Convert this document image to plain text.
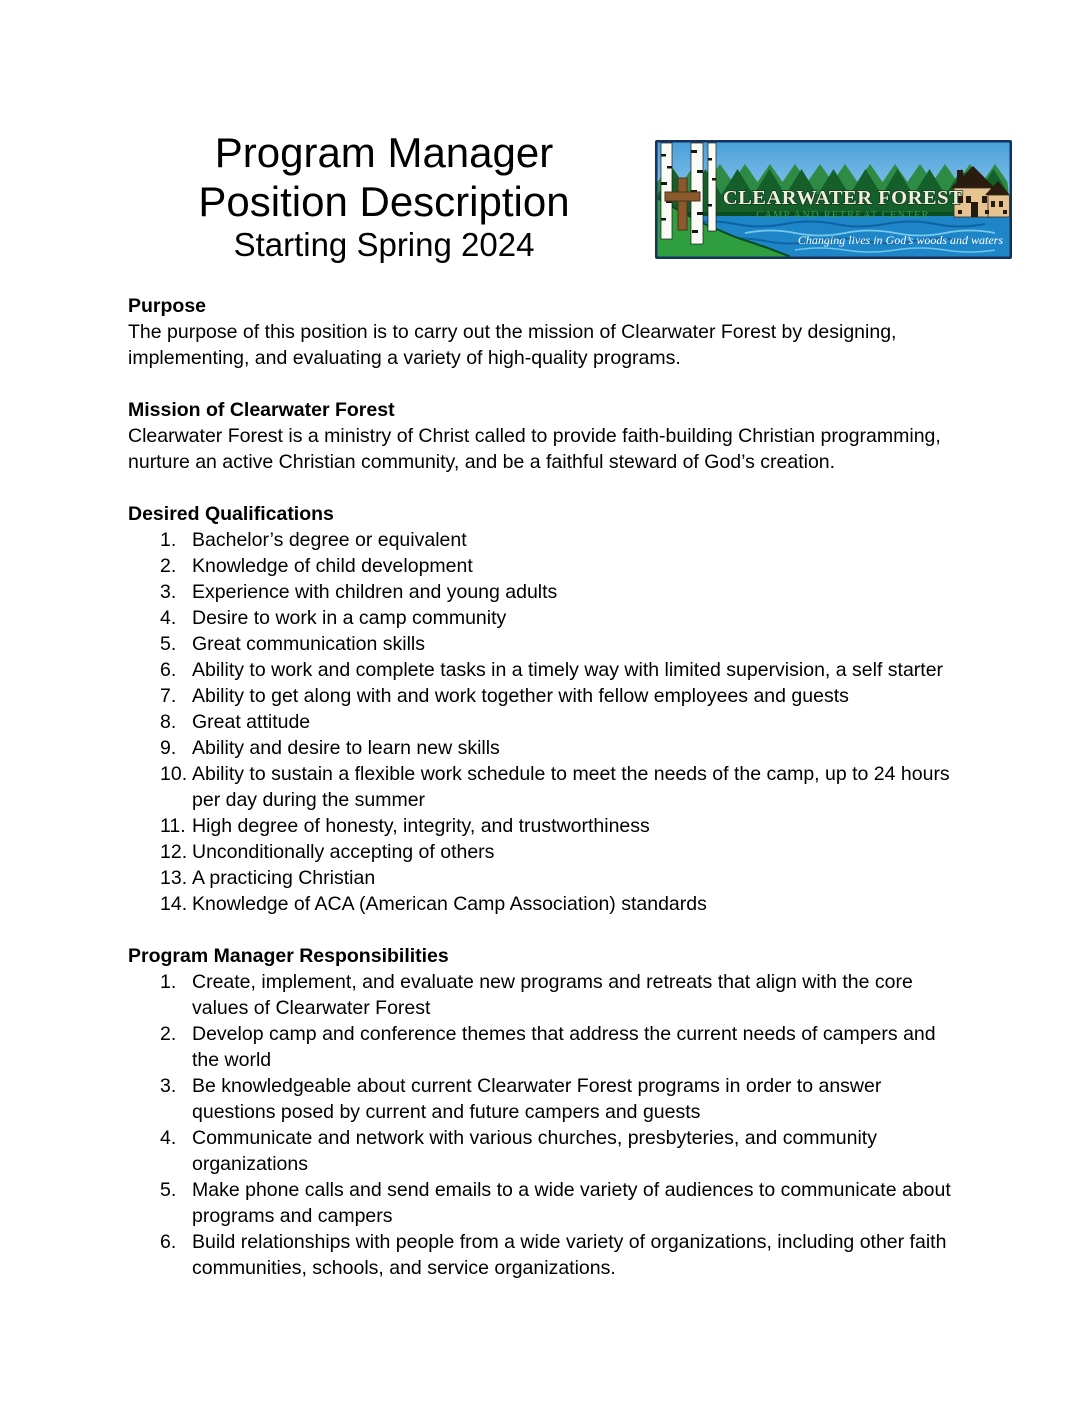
Program Manager
Position Description
Starting Spring 2024
CLEARWATER FOREST
CAMP AND RETREAT CENTER
Changing lives in God’s woods and waters
Purpose

The purpose of this position is to carry out the mission of Clearwater Forest by designing, implementing, and evaluating a variety of high-quality programs.

Mission of Clearwater Forest

Clearwater Forest is a ministry of Christ called to provide faith-building Christian programming, nurture an active Christian community, and be a faithful steward of God’s creation.

Desired Qualifications
Bachelor’s degree or equivalent
Knowledge of child development
Experience with children and young adults
Desire to work in a camp community
Great communication skills
Ability to work and complete tasks in a timely way with limited supervision, a self starter
Ability to get along with and work together with fellow employees and guests
Great attitude
Ability and desire to learn new skills
Ability to sustain a flexible work schedule to meet the needs of the camp, up to 24 hours per day during the summer
High degree of honesty, integrity, and trustworthiness
Unconditionally accepting of others
A practicing Christian
Knowledge of ACA (American Camp Association) standards
Program Manager Responsibilities
Create, implement, and evaluate new programs and retreats that align with the core values of Clearwater Forest
Develop camp and conference themes that address the current needs of campers and the world
Be knowledgeable about current Clearwater Forest programs in order to answer questions posed by current and future campers and guests
Communicate and network with various churches, presbyteries, and community organizations
Make phone calls and send emails to a wide variety of audiences to communicate about programs and campers
Build relationships with people from a wide variety of organizations, including other faith communities, schools, and service organizations.
